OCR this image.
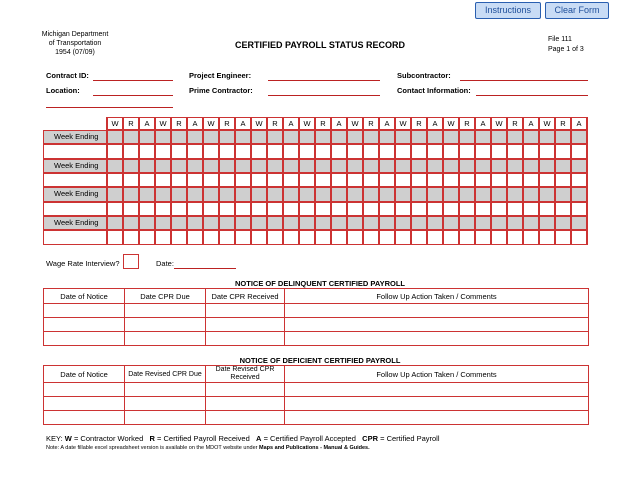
Instructions	Clear Form
Michigan Department
of Transportation
1954 (07/09)
CERTIFIED PAYROLL STATUS RECORD
File 111
Page 1 of 3
Contract ID:
Location:
Project Engineer:
Prime Contractor:
Subcontractor:
Contact Information:
W	R	A	W	R	A	W	R	A	W	R	A	W	R	A	W	R	A	W	R	A	W	R	A	W	R	A	W	R	A
Week Ending
Week Ending
Week Ending
Week Ending
Wage Rate Interview?	Date:
NOTICE OF DELINQUENT CERTIFIED PAYROLL
Date of Notice	Date CPR Due	Date CPR Received	Follow Up Action Taken / Comments

NOTICE OF DEFICIENT CERTIFIED PAYROLL
Date of Notice	Date Revised CPR Due	Date Revised CPR Received	Follow Up Action Taken / Comments

KEY: W = Contractor Worked R = Certified Payroll Received A = Certified Payroll Accepted CPR = Certified Payroll
Note: A date fillable excel spreadsheet version is available on the MDOT website under Maps and Publications - Manual & Guides.
